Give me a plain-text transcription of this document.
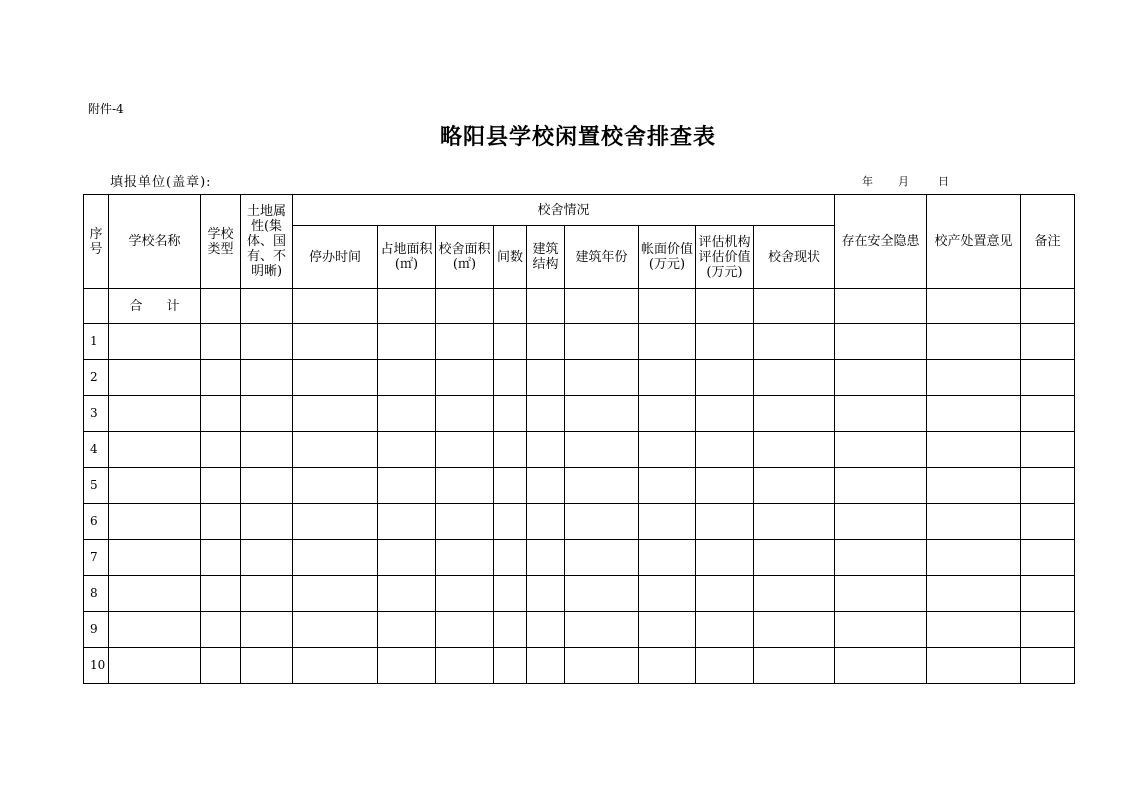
附件-4
略阳县学校闲置校舍排查表
填报单位(盖章):	年 月	日
序号	学校名称	学校类型	土地属性(集体、国有、不明晰)	校舍情况									存在安全隐患	校产处置意见	备注
				停办时间	占地面积(㎡)	校舍面积(㎡)	间数	建筑结构	建筑年份	帐面价值(万元)	评估机构评估价值(万元)	校舍现状			
	合 计														
1															
2															
3															
4															
5															
6															
7															
8															
9															
10															
